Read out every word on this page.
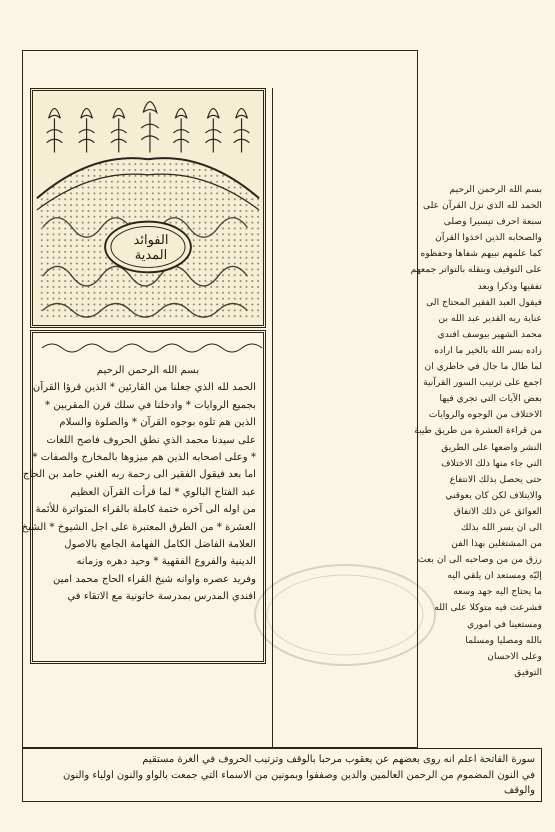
الفوائد
المدية
بسم الله الرحمن الرحيم
الحمد لله الذي جعلنا من القارئين * الذين قرؤا القرآن
بجميع الروايات * وادخلنا في سلك قرن المقربين *
الذين هم تلوه بوجوه القرآن * والصلوة والسلام
على سيدنا محمد الذي نطق الحروف فاصح اللغات
* وعلى اصحابه الذين هم ميزوها بالمخارج والصفات *
اما بعد فيقول الفقير الى رحمة ربه الغني حامد بن الحاج
عبد الفتاح البالوي * لما قرأت القرآن العظيم
من اوله الى آخره ختمة كاملة بالقراء المتواترة للأئمة
العشرة * من الطرق المعتبرة على اجل الشيوخ * الشيخ
العلامة الفاضل الكامل الفهامة الجامع بالاصول
الدينية والفروع الفقهية * وحيد دهره وزمانه
وفريد عصره واوانه شيخ القراء الحاج محمد امين
افندي المدرس بمدرسة خاتونية مع الاتقاء في
بسم الله الرحمن الرحيم
الحمد لله الذي نزل القرآن على
سبعة احرف تيسيرا وصلى
والصحابه الذين اخذوا القرآن
كما علمهم نبيهم شفاها وحفظوه
على التوقيف وبنقله بالتواتر جمعهم
تفقيها وذكرا وبعد
فيقول العبد الفقير المحتاج الى
عناية ربه القدير عبد الله بن
محمد الشهير بيوسف افندي
زاده بسر الله بالخير ما اراده
لما طال ما جال في خاطري ان
اجمع على ترتيب السور القرآنية
بعض الآيات التي تجري فيها
الاختلاف من الوجوه والروايات
من قراءة العشرة من طريق طيبة
النشر واضعها على الطريق
التي جاء منها ذلك الاختلاف
حتى يحصل بذلك الانتفاع
والايتلاف لكن كان يعوقني
العوائق عن ذلك الاتفاق
الى ان يسر الله بذلك
من المشتغلين بهذا الفن
رزق من من وصاحبه الى ان بعث
إليّه ومستعد ان يلقي اليه
ما يحتاج اليه جهد وسعه
فشرعت فيه متوكلا على الله
ومستعينا في اموري
بالله ومصليا ومسلما
وعلى الاحسان
التوفيق
سورة الفاتحة اعلم انه روى بعضهم عن يعقوب مرحبا بالوقف وترتيب الحروف في الغرة مستقيم
في النون المضموم من الرحمن العالمين والدين وصففوا وبمونين من الاسماء التي جمعت بالواو والنون اولياء والنون
والوقف
